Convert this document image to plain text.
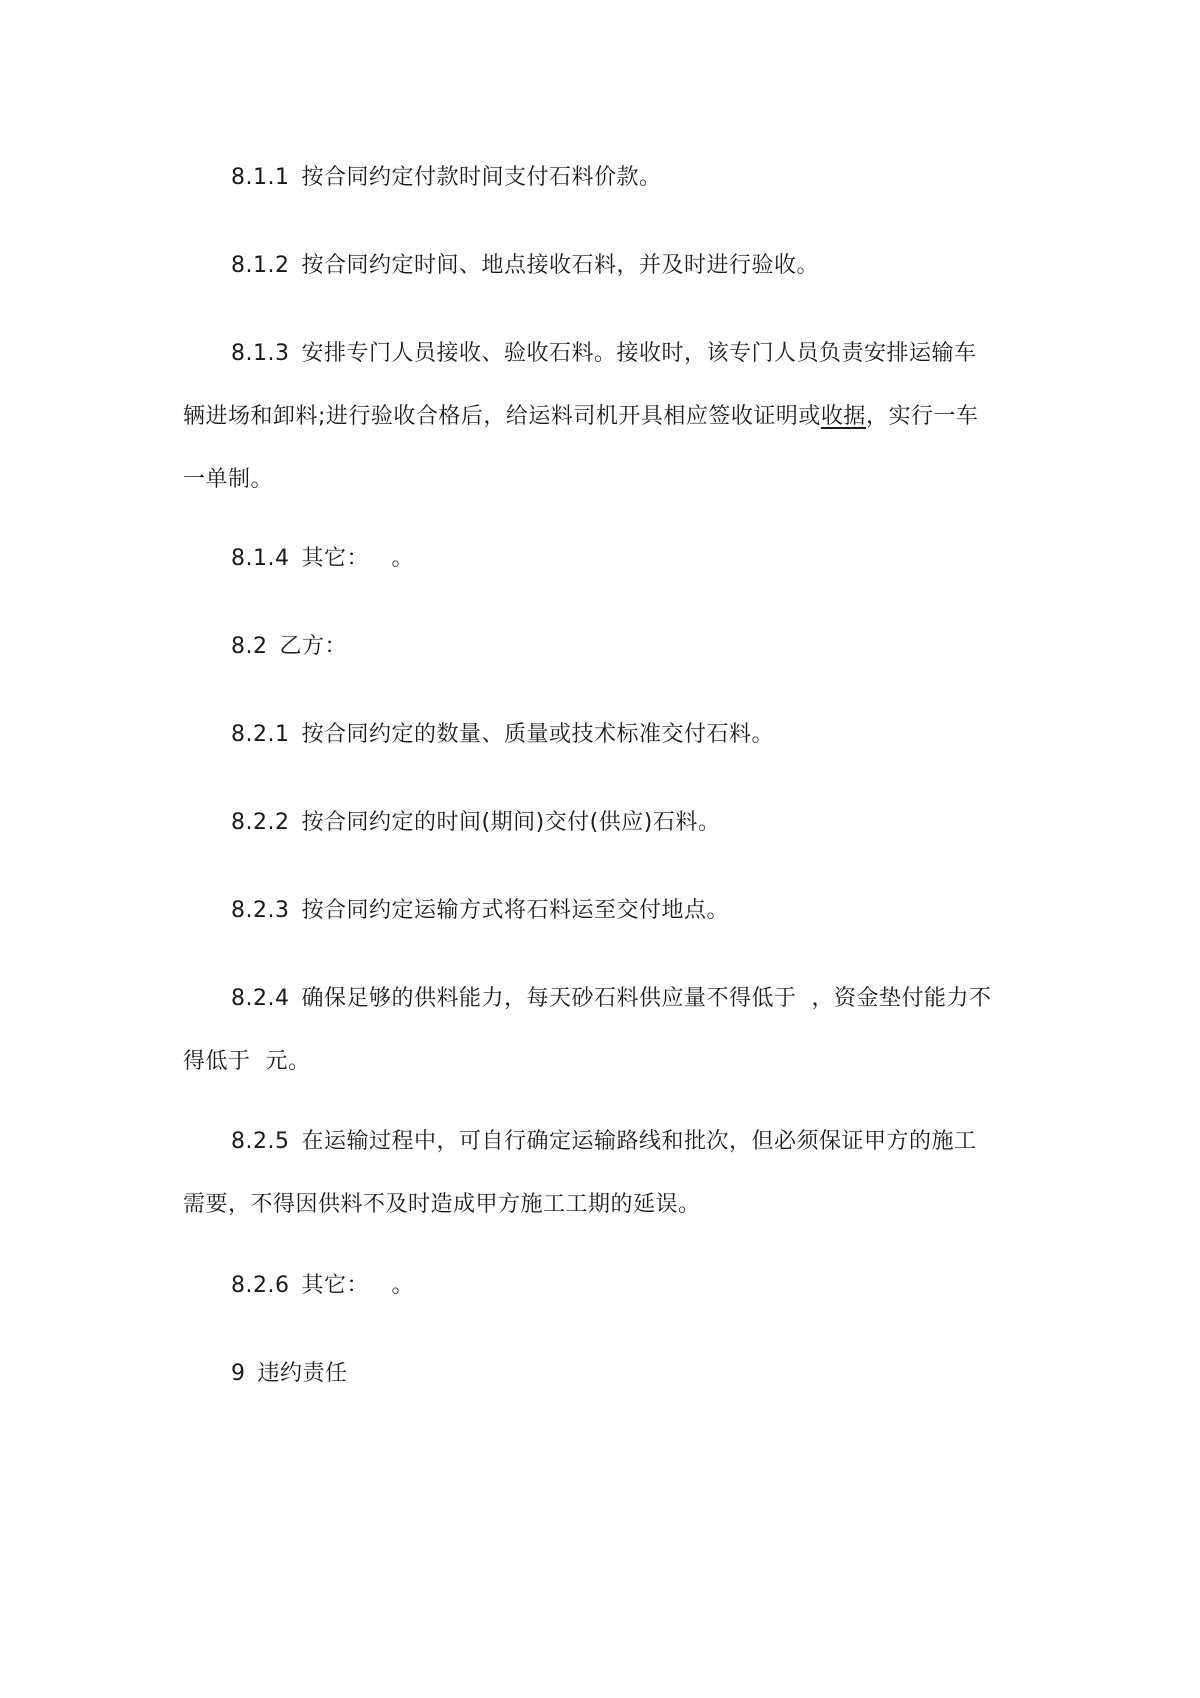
8.1.1 按合同约定付款时间支付石料价款。

8.1.2 按合同约定时间、地点接收石料，并及时进行验收。

8.1.3 安排专门人员接收、验收石料。接收时，该专门人员负责安排运输车辆进场和卸料;进行验收合格后，给运料司机开具相应签收证明或收据，实行一车一单制。

8.1.4 其它：   。

8.2 乙方：

8.2.1 按合同约定的数量、质量或技术标准交付石料。

8.2.2 按合同约定的时间(期间)交付(供应)石料。

8.2.3 按合同约定运输方式将石料运至交付地点。

8.2.4 确保足够的供料能力，每天砂石料供应量不得低于  ，资金垫付能力不得低于  元。

8.2.5 在运输过程中，可自行确定运输路线和批次，但必须保证甲方的施工需要，不得因供料不及时造成甲方施工工期的延误。

8.2.6 其它：   。

9 违约责任
